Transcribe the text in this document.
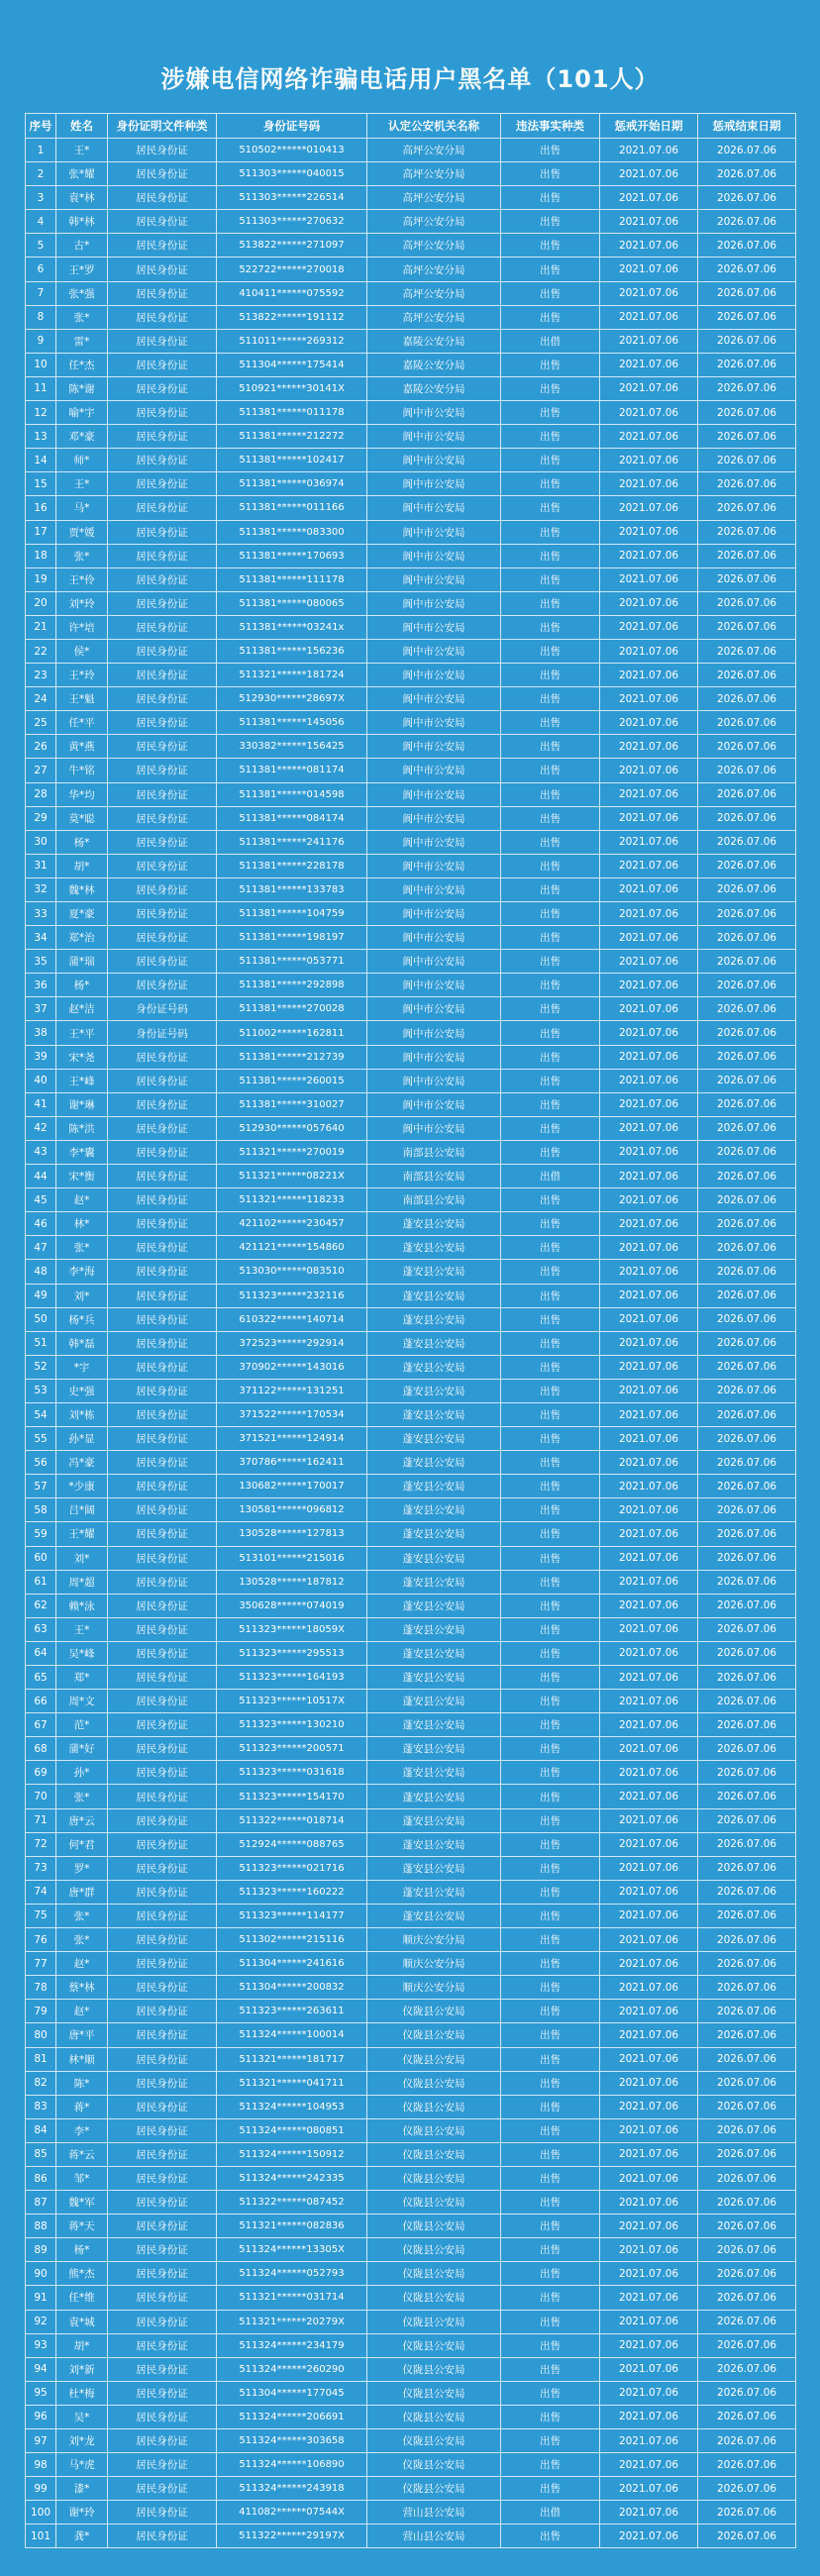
涉嫌电信网络诈骗电话用户黑名单（101人）
序号	姓名	身份证明文件种类	身份证号码	认定公安机关名称	违法事实种类	惩戒开始日期	惩戒结束日期
1	王*	居民身份证	510502******010413	高坪公安分局	出售	2021.07.06	2026.07.06
2	张*耀	居民身份证	511303******040015	高坪公安分局	出售	2021.07.06	2026.07.06
3	袁*林	居民身份证	511303******226514	高坪公安分局	出售	2021.07.06	2026.07.06
4	韩*林	居民身份证	511303******270632	高坪公安分局	出售	2021.07.06	2026.07.06
5	古*	居民身份证	513822******271097	高坪公安分局	出售	2021.07.06	2026.07.06
6	王*罗	居民身份证	522722******270018	高坪公安分局	出售	2021.07.06	2026.07.06
7	张*强	居民身份证	410411******075592	高坪公安分局	出售	2021.07.06	2026.07.06
8	张*	居民身份证	513822******191112	高坪公安分局	出售	2021.07.06	2026.07.06
9	雷*	居民身份证	511011******269312	嘉陵公安分局	出借	2021.07.06	2026.07.06
10	任*杰	居民身份证	511304******175414	嘉陵公安分局	出售	2021.07.06	2026.07.06
11	陈*谢	居民身份证	510921******30141X	嘉陵公安分局	出售	2021.07.06	2026.07.06
12	喻*宇	居民身份证	511381******011178	阆中市公安局	出售	2021.07.06	2026.07.06
13	邓*豪	居民身份证	511381******212272	阆中市公安局	出售	2021.07.06	2026.07.06
14	师*	居民身份证	511381******102417	阆中市公安局	出售	2021.07.06	2026.07.06
15	王*	居民身份证	511381******036974	阆中市公安局	出售	2021.07.06	2026.07.06
16	马*	居民身份证	511381******011166	阆中市公安局	出售	2021.07.06	2026.07.06
17	贾*媛	居民身份证	511381******083300	阆中市公安局	出售	2021.07.06	2026.07.06
18	张*	居民身份证	511381******170693	阆中市公安局	出售	2021.07.06	2026.07.06
19	王*伶	居民身份证	511381******111178	阆中市公安局	出售	2021.07.06	2026.07.06
20	刘*玲	居民身份证	511381******080065	阆中市公安局	出售	2021.07.06	2026.07.06
21	许*培	居民身份证	511381******03241x	阆中市公安局	出售	2021.07.06	2026.07.06
22	侯*	居民身份证	511381******156236	阆中市公安局	出售	2021.07.06	2026.07.06
23	王*玲	居民身份证	511321******181724	阆中市公安局	出售	2021.07.06	2026.07.06
24	王*魁	居民身份证	512930******28697X	阆中市公安局	出售	2021.07.06	2026.07.06
25	任*平	居民身份证	511381******145056	阆中市公安局	出售	2021.07.06	2026.07.06
26	黄*燕	居民身份证	330382******156425	阆中市公安局	出售	2021.07.06	2026.07.06
27	牛*铭	居民身份证	511381******081174	阆中市公安局	出售	2021.07.06	2026.07.06
28	华*均	居民身份证	511381******014598	阆中市公安局	出售	2021.07.06	2026.07.06
29	莫*聪	居民身份证	511381******084174	阆中市公安局	出售	2021.07.06	2026.07.06
30	杨*	居民身份证	511381******241176	阆中市公安局	出售	2021.07.06	2026.07.06
31	胡*	居民身份证	511381******228178	阆中市公安局	出售	2021.07.06	2026.07.06
32	魏*林	居民身份证	511381******133783	阆中市公安局	出售	2021.07.06	2026.07.06
33	夏*豪	居民身份证	511381******104759	阆中市公安局	出售	2021.07.06	2026.07.06
34	郑*治	居民身份证	511381******198197	阆中市公安局	出售	2021.07.06	2026.07.06
35	蒲*瑞	居民身份证	511381******053771	阆中市公安局	出售	2021.07.06	2026.07.06
36	杨*	居民身份证	511381******292898	阆中市公安局	出售	2021.07.06	2026.07.06
37	赵*洁	身份证号码	511381******270028	阆中市公安局	出售	2021.07.06	2026.07.06
38	王*平	身份证号码	511002******162811	阆中市公安局	出售	2021.07.06	2026.07.06
39	宋*尧	居民身份证	511381******212739	阆中市公安局	出售	2021.07.06	2026.07.06
40	王*峰	居民身份证	511381******260015	阆中市公安局	出售	2021.07.06	2026.07.06
41	谢*琳	居民身份证	511381******310027	阆中市公安局	出售	2021.07.06	2026.07.06
42	陈*洪	居民身份证	512930******057640	阆中市公安局	出售	2021.07.06	2026.07.06
43	李*囊	居民身份证	511321******270019	南部县公安局	出售	2021.07.06	2026.07.06
44	宋*衡	居民身份证	511321******08221X	南部县公安局	出借	2021.07.06	2026.07.06
45	赵*	居民身份证	511321******118233	南部县公安局	出售	2021.07.06	2026.07.06
46	林*	居民身份证	421102******230457	蓬安县公安局	出售	2021.07.06	2026.07.06
47	张*	居民身份证	421121******154860	蓬安县公安局	出售	2021.07.06	2026.07.06
48	李*海	居民身份证	513030******083510	蓬安县公安局	出售	2021.07.06	2026.07.06
49	刘*	居民身份证	511323******232116	蓬安县公安局	出售	2021.07.06	2026.07.06
50	杨*兵	居民身份证	610322******140714	蓬安县公安局	出售	2021.07.06	2026.07.06
51	韩*磊	居民身份证	372523******292914	蓬安县公安局	出售	2021.07.06	2026.07.06
52	*宇	居民身份证	370902******143016	蓬安县公安局	出售	2021.07.06	2026.07.06
53	史*强	居民身份证	371122******131251	蓬安县公安局	出售	2021.07.06	2026.07.06
54	刘*栋	居民身份证	371522******170534	蓬安县公安局	出售	2021.07.06	2026.07.06
55	孙*显	居民身份证	371521******124914	蓬安县公安局	出售	2021.07.06	2026.07.06
56	冯*豪	居民身份证	370786******162411	蓬安县公安局	出售	2021.07.06	2026.07.06
57	*少康	居民身份证	130682******170017	蓬安县公安局	出售	2021.07.06	2026.07.06
58	吕*阔	居民身份证	130581******096812	蓬安县公安局	出售	2021.07.06	2026.07.06
59	王*耀	居民身份证	130528******127813	蓬安县公安局	出售	2021.07.06	2026.07.06
60	刘*	居民身份证	513101******215016	蓬安县公安局	出售	2021.07.06	2026.07.06
61	周*超	居民身份证	130528******187812	蓬安县公安局	出售	2021.07.06	2026.07.06
62	赖*泳	居民身份证	350628******074019	蓬安县公安局	出售	2021.07.06	2026.07.06
63	王*	居民身份证	511323******18059X	蓬安县公安局	出售	2021.07.06	2026.07.06
64	吴*峰	居民身份证	511323******295513	蓬安县公安局	出售	2021.07.06	2026.07.06
65	郑*	居民身份证	511323******164193	蓬安县公安局	出售	2021.07.06	2026.07.06
66	周*文	居民身份证	511323******10517X	蓬安县公安局	出售	2021.07.06	2026.07.06
67	范*	居民身份证	511323******130210	蓬安县公安局	出售	2021.07.06	2026.07.06
68	蒲*好	居民身份证	511323******200571	蓬安县公安局	出售	2021.07.06	2026.07.06
69	孙*	居民身份证	511323******031618	蓬安县公安局	出售	2021.07.06	2026.07.06
70	张*	居民身份证	511323******154170	蓬安县公安局	出售	2021.07.06	2026.07.06
71	唐*云	居民身份证	511322******018714	蓬安县公安局	出售	2021.07.06	2026.07.06
72	何*君	居民身份证	512924******088765	蓬安县公安局	出售	2021.07.06	2026.07.06
73	罗*	居民身份证	511323******021716	蓬安县公安局	出售	2021.07.06	2026.07.06
74	唐*群	居民身份证	511323******160222	蓬安县公安局	出售	2021.07.06	2026.07.06
75	张*	居民身份证	511323******114177	蓬安县公安局	出售	2021.07.06	2026.07.06
76	张*	居民身份证	511302******215116	顺庆公安分局	出售	2021.07.06	2026.07.06
77	赵*	居民身份证	511304******241616	顺庆公安分局	出售	2021.07.06	2026.07.06
78	蔡*林	居民身份证	511304******200832	顺庆公安分局	出售	2021.07.06	2026.07.06
79	赵*	居民身份证	511323******263611	仪陇县公安局	出售	2021.07.06	2026.07.06
80	唐*平	居民身份证	511324******100014	仪陇县公安局	出售	2021.07.06	2026.07.06
81	林*顺	居民身份证	511321******181717	仪陇县公安局	出售	2021.07.06	2026.07.06
82	陈*	居民身份证	511321******041711	仪陇县公安局	出售	2021.07.06	2026.07.06
83	蒋*	居民身份证	511324******104953	仪陇县公安局	出售	2021.07.06	2026.07.06
84	李*	居民身份证	511324******080851	仪陇县公安局	出售	2021.07.06	2026.07.06
85	蒋*云	居民身份证	511324******150912	仪陇县公安局	出售	2021.07.06	2026.07.06
86	邹*	居民身份证	511324******242335	仪陇县公安局	出售	2021.07.06	2026.07.06
87	魏*军	居民身份证	511322******087452	仪陇县公安局	出售	2021.07.06	2026.07.06
88	蒋*天	居民身份证	511321******082836	仪陇县公安局	出售	2021.07.06	2026.07.06
89	杨*	居民身份证	511324******13305X	仪陇县公安局	出售	2021.07.06	2026.07.06
90	熊*杰	居民身份证	511324******052793	仪陇县公安局	出售	2021.07.06	2026.07.06
91	任*维	居民身份证	511321******031714	仪陇县公安局	出售	2021.07.06	2026.07.06
92	袁*城	居民身份证	511321******20279X	仪陇县公安局	出售	2021.07.06	2026.07.06
93	胡*	居民身份证	511324******234179	仪陇县公安局	出售	2021.07.06	2026.07.06
94	刘*新	居民身份证	511324******260290	仪陇县公安局	出售	2021.07.06	2026.07.06
95	杜*梅	居民身份证	511304******177045	仪陇县公安局	出售	2021.07.06	2026.07.06
96	吴*	居民身份证	511324******206691	仪陇县公安局	出售	2021.07.06	2026.07.06
97	刘*龙	居民身份证	511324******303658	仪陇县公安局	出售	2021.07.06	2026.07.06
98	马*虎	居民身份证	511324******106890	仪陇县公安局	出售	2021.07.06	2026.07.06
99	漆*	居民身份证	511324******243918	仪陇县公安局	出售	2021.07.06	2026.07.06
100	谢*玲	居民身份证	411082******07544X	营山县公安局	出借	2021.07.06	2026.07.06
101	龚*	居民身份证	511322******29197X	营山县公安局	出售	2021.07.06	2026.07.06
